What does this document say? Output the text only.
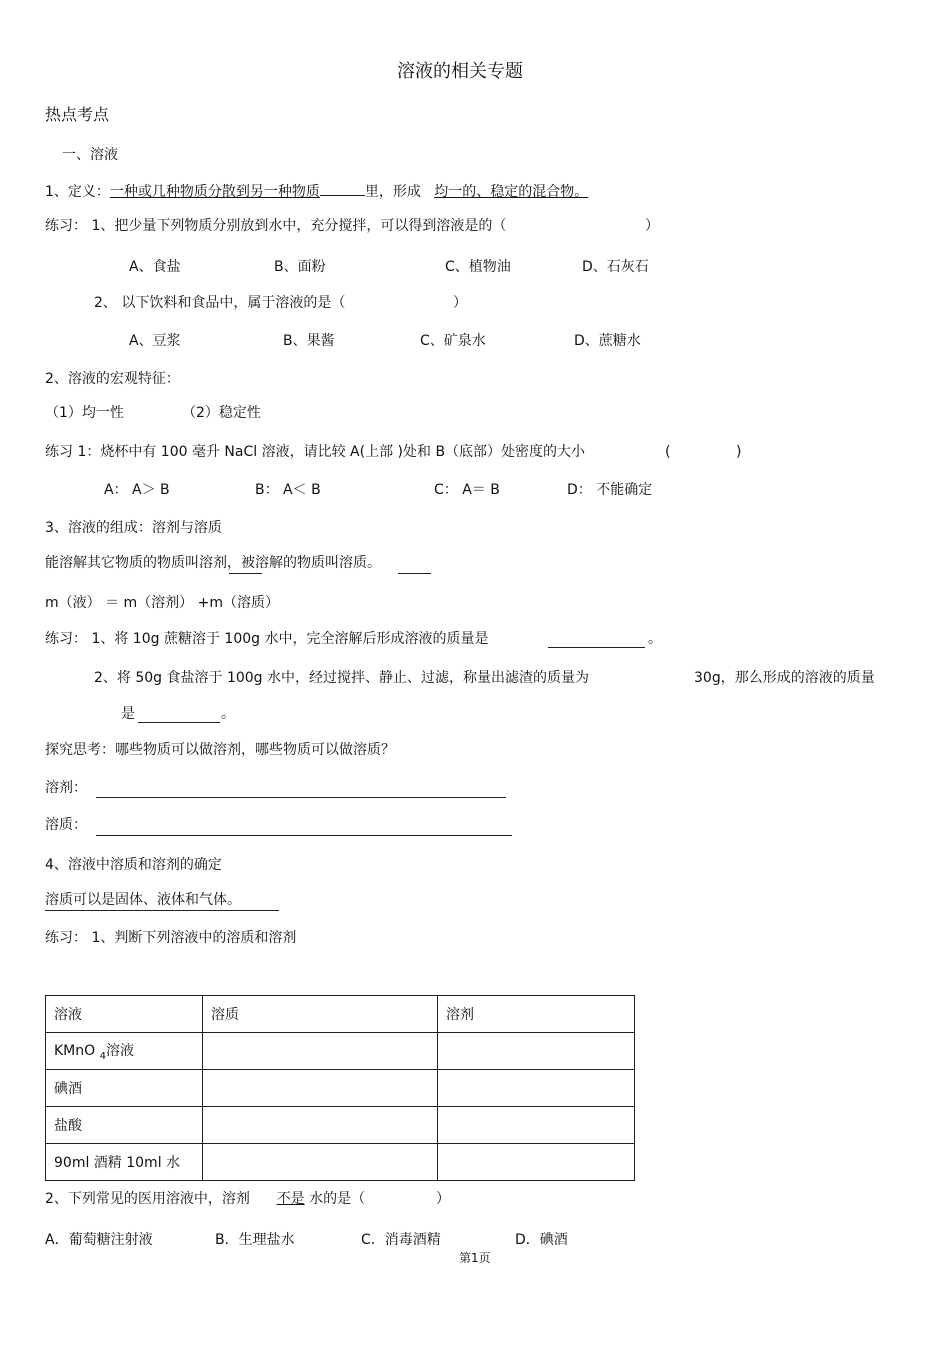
溶液的相关专题
热点考点
一、溶液
1、定义：一种或几种物质分散到另一种物质	里，形成 均一的、稳定的混合物。
练习： 1、把少量下列物质分别放到水中，充分搅拌，可以得到溶液是的（	）
A、食盐	B、面粉	C、植物油	D、石灰石
2、 以下饮料和食品中，属于溶液的是（	）
A、豆浆	B、果酱	C、矿泉水	D、蔗糖水
2、溶液的宏观特征：
（1）均一性	（2）稳定性
练习 1：烧杯中有 100 毫升 NaCl 溶液，请比较 A(上部 )处和 B（底部）处密度的大小	(	)
A： A＞ B	B： A＜ B	C： A＝ B	D： 不能确定
3、溶液的组成：溶剂与溶质
能溶解其它物质的物质叫溶剂，被溶解的物质叫溶质。
m（液） ＝ m（溶剂） +m（溶质）
练习： 1、将 10g 蔗糖溶于 100g 水中，完全溶解后形成溶液的质量是	。
2、将 50g 食盐溶于 100g 水中，经过搅拌、静止、过滤，称量出滤渣的质量为	30g，那么形成的溶液的质量
是	。
探究思考：哪些物质可以做溶剂，哪些物质可以做溶质？
溶剂：
溶质：
4、溶液中溶质和溶剂的确定
溶质可以是固体、液体和气体。
练习： 1、判断下列溶液中的溶质和溶剂
溶液	溶质	溶剂
KMnO $_4$溶液		
碘酒		
盐酸		
90ml 酒精 10ml 水		
2、下列常见的医用溶液中，溶剂 不是 水的是（	）
A．葡萄糖注射液	B．生理盐水	C．消毒酒精	D．碘酒
第1页
